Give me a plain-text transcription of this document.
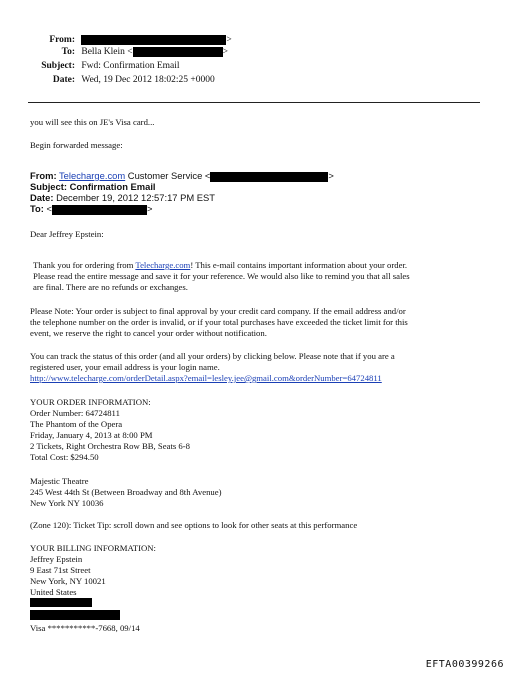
From:	>
To: Bella Klein <	>
Subject: Fwd: Confirmation Email
Date: Wed, 19 Dec 2012 18:02:25 +0000
you will see this on JE's Visa card...
Begin forwarded message:
From: Telecharge.com Customer Service <	>
Subject: Confirmation Email
Date: December 19, 2012 12:57:17 PM EST
To: <	>
Dear Jeffrey Epstein:
Thank you for ordering from Telecharge.com! This e-mail contains important information about your order.
Please read the entire message and save it for your reference. We would also like to remind you that all sales
are final. There are no refunds or exchanges.
Please Note: Your order is subject to final approval by your credit card company. If the email address and/or
the telephone number on the order is invalid, or if your total purchases have exceeded the ticket limit for this
event, we reserve the right to cancel your order without notification.
You can track the status of this order (and all your orders) by clicking below. Please note that if you are a
registered user, your email address is your login name.
http://www.telecharge.com/orderDetail.aspx?email=lesley.jee@gmail.com&orderNumber=64724811
YOUR ORDER INFORMATION:
Order Number: 64724811
The Phantom of the Opera
Friday, January 4, 2013 at 8:00 PM
2 Tickets, Right Orchestra Row BB, Seats 6-8
Total Cost: $294.50
Majestic Theatre
245 West 44th St (Between Broadway and 8th Avenue)
New York NY 10036
(Zone 120): Ticket Tip: scroll down and see options to look for other seats at this performance
YOUR BILLING INFORMATION:
Jeffrey Epstein
9 East 71st Street
New York, NY 10021
United States
Visa ***********-7668, 09/14
EFTA00399266
